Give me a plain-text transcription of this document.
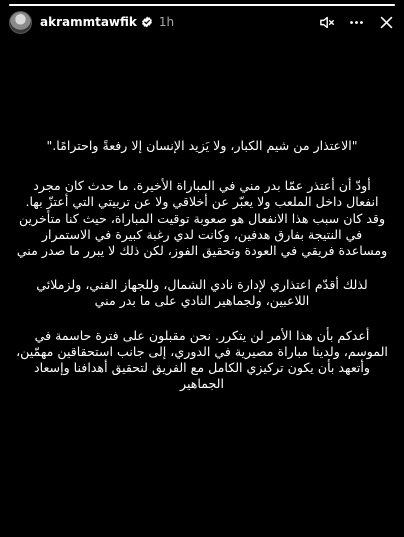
akrammtawfik 1h

"الاعتذار من شيم الكبار، ولا يَزيد الإنسان إلا رفعةً واحترامًا."

أودّ أن أعتذر عمّا بدر مني في المباراة الأخيرة. ما حدث كان مجرد انفعال داخل الملعب ولا يعبّر عن أخلاقي ولا عن تربيتي التي أعتزّ بها. وقد كان سبب هذا الانفعال هو صعوبة توقيت المباراة، حيث كنا متأخرين في النتيجة بفارق هدفين، وكانت لدي رغبة كبيرة في الاستمرار ومساعدة فريقي في العودة وتحقيق الفوز، لكن ذلك لا يبرر ما صدر مني

لذلك أقدّم اعتذاري لإدارة نادي الشمال، وللجهاز الفني، ولزملائي اللاعبين، ولجماهير النادي على ما بدر مني

أعدكم بأن هذا الأمر لن يتكرر. نحن مقبلون على فترة حاسمة في الموسم، ولدينا مباراة مصيرية في الدوري، إلى جانب استحقاقين مهمّين، وأتعهد بأن يكون تركيزي الكامل مع الفريق لتحقيق أهدافنا وإسعاد الجماهير
